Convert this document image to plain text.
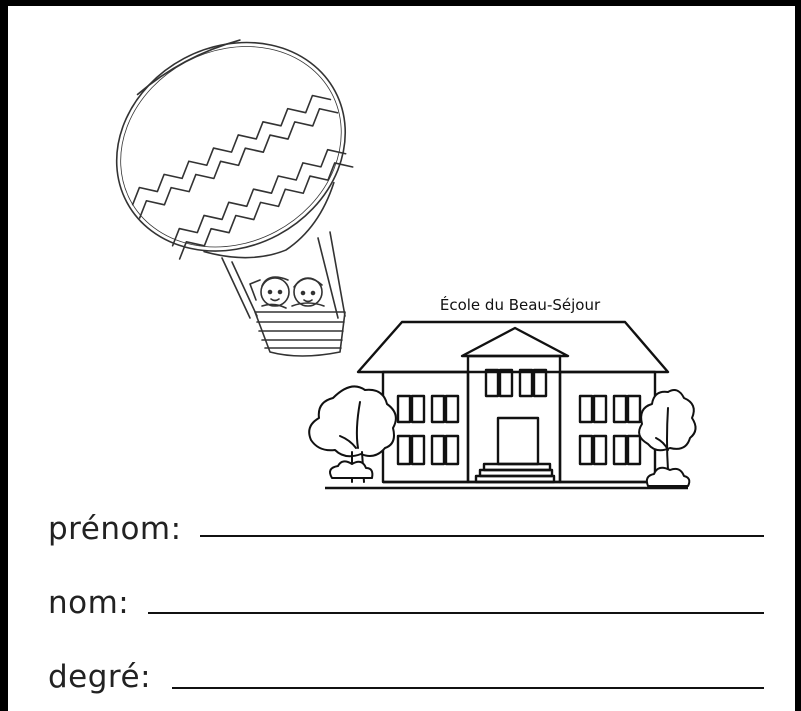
École du Beau-Séjour
prénom:
nom:
degré:
